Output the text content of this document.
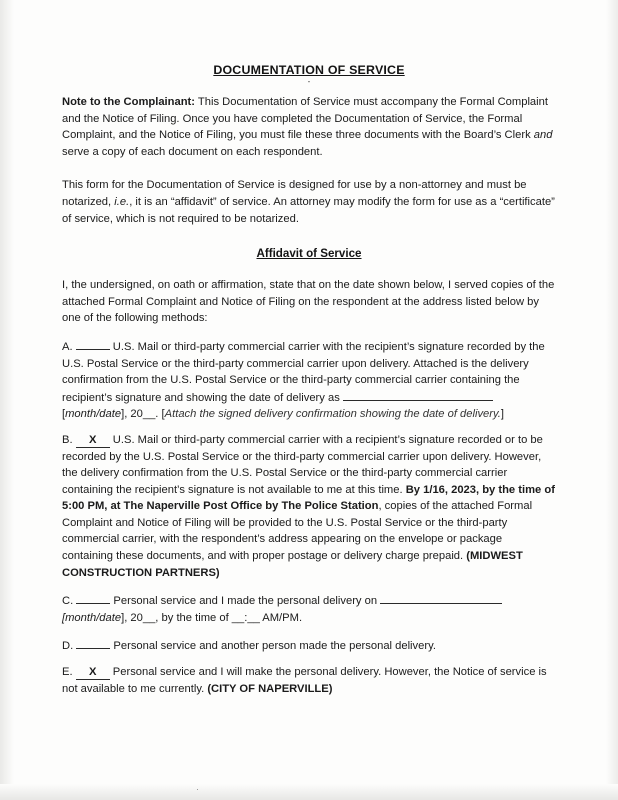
DOCUMENTATION OF SERVICE
-

Note to the Complainant: This Documentation of Service must accompany the Formal Complaint and the Notice of Filing. Once you have completed the Documentation of Service, the Formal Complaint, and the Notice of Filing, you must file these three documents with the Board’s Clerk and serve a copy of each document on each respondent.

This form for the Documentation of Service is designed for use by a non-attorney and must be notarized, i.e., it is an “affidavit” of service. An attorney may modify the form for use as a “certificate” of service, which is not required to be notarized.

Affidavit of Service

I, the undersigned, on oath or affirmation, state that on the date shown below, I served copies of the attached Formal Complaint and Notice of Filing on the respondent at the address listed below by one of the following methods:

A.	U.S. Mail or third-party commercial carrier with the recipient’s signature recorded by the U.S. Postal Service or the third-party commercial carrier upon delivery. Attached is the delivery confirmation from the U.S. Postal Service or the third-party commercial carrier containing the recipient’s signature and showing the date of delivery as
[month/date], 20__. [Attach the signed delivery confirmation showing the date of delivery.]

B. X U.S. Mail or third-party commercial carrier with a recipient’s signature recorded or to be recorded by the U.S. Postal Service or the third-party commercial carrier upon delivery. However, the delivery confirmation from the U.S. Postal Service or the third-party commercial carrier containing the recipient’s signature is not available to me at this time. By 1/16, 2023, by the time of 5:00 PM, at The Naperville Post Office by The Police Station, copies of the attached Formal Complaint and Notice of Filing will be provided to the U.S. Postal Service or the third-party commercial carrier, with the respondent’s address appearing on the envelope or package containing these documents, and with proper postage or delivery charge prepaid. (MIDWEST CONSTRUCTION PARTNERS)

C.	Personal service and I made the personal delivery on  [month/date], 20__, by the time of __:__ AM/PM.

D.	Personal service and another person made the personal delivery.

E. X Personal service and I will make the personal delivery. However, the Notice of service is not available to me currently. (CITY OF NAPERVILLE)

·
